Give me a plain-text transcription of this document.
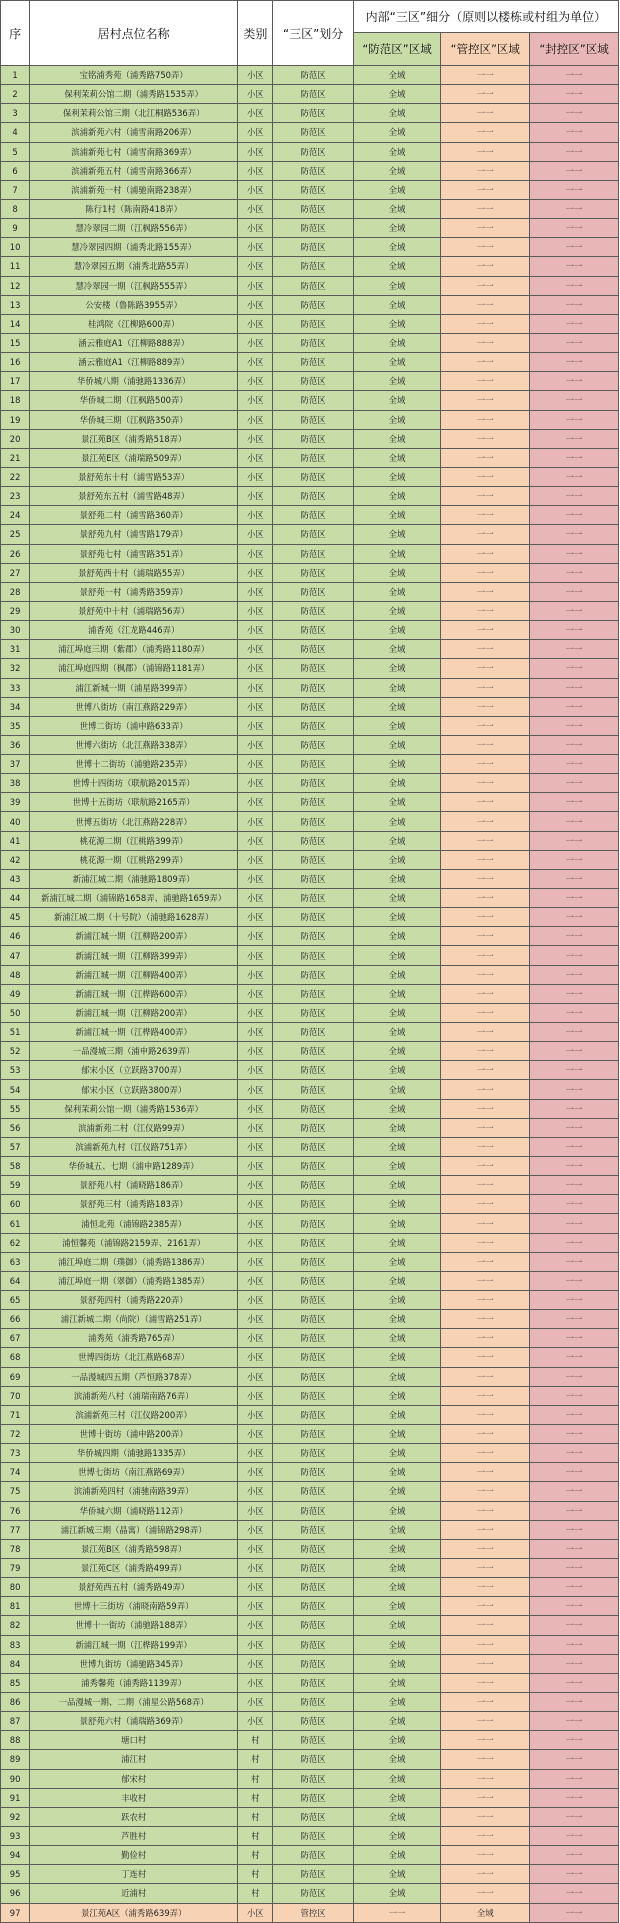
序	居村点位名称	类别	“三区”划分	内部“三区”细分（原则以楼栋或村组为单位）		
				“防范区”区域	“管控区”区域	“封控区”区域
1	宝铭浦秀苑（浦秀路750弄）	小区	防范区	全域	一一	一一
2	保利茉莉公馆二期（浦秀路1535弄）	小区	防范区	全域	一一	一一
3	保利茉莉公馆三期（北江桐路536弄）	小区	防范区	全域	一一	一一
4	滨浦新苑六村（浦雪南路206弄）	小区	防范区	全域	一一	一一
5	滨浦新苑七村（浦雪南路369弄）	小区	防范区	全域	一一	一一
6	滨浦新苑五村（浦雪南路366弄）	小区	防范区	全域	一一	一一
7	滨浦新苑一村（浦驰南路238弄）	小区	防范区	全域	一一	一一
8	陈行1村（陈南路418弄）	小区	防范区	全域	一一	一一
9	慧冷翠园二期（江枫路556弄）	小区	防范区	全域	一一	一一
10	慧冷翠园四期（浦秀北路155弄）	小区	防范区	全域	一一	一一
11	慧冷翠园五期（浦秀北路55弄）	小区	防范区	全域	一一	一一
12	慧冷翠园一期（江枫路555弄）	小区	防范区	全域	一一	一一
13	公安楼（鲁陈路3955弄）	小区	防范区	全域	一一	一一
14	桂鸿院（江柳路600弄）	小区	防范区	全域	一一	一一
15	涵云雅庭A1（江柳路888弄）	小区	防范区	全域	一一	一一
16	涵云雅庭A1（江柳路889弄）	小区	防范区	全域	一一	一一
17	华侨城八期（浦驰路1336弄）	小区	防范区	全域	一一	一一
18	华侨城二期（江枫路500弄）	小区	防范区	全域	一一	一一
19	华侨城三期（江枫路350弄）	小区	防范区	全域	一一	一一
20	景江苑B区（浦秀路518弄）	小区	防范区	全域	一一	一一
21	景江苑E区（浦瑞路509弄）	小区	防范区	全域	一一	一一
22	景舒苑东十村（浦雪路53弄）	小区	防范区	全域	一一	一一
23	景舒苑东五村（浦雪路48弄）	小区	防范区	全域	一一	一一
24	景舒苑二村（浦雪路360弄）	小区	防范区	全域	一一	一一
25	景舒苑九村（浦雪路179弄）	小区	防范区	全域	一一	一一
26	景舒苑七村（浦雪路351弄）	小区	防范区	全域	一一	一一
27	景舒苑西十村（浦瑞路55弄）	小区	防范区	全域	一一	一一
28	景舒苑一村（浦秀路359弄）	小区	防范区	全域	一一	一一
29	景舒苑中十村（浦瑞路56弄）	小区	防范区	全域	一一	一一
30	浦香苑（江龙路446弄）	小区	防范区	全域	一一	一一
31	浦江埠庭三期（紫郡）（浦秀路1180弄）	小区	防范区	全域	一一	一一
32	浦江埠庭四期（枫郡）（浦锦路1181弄）	小区	防范区	全域	一一	一一
33	浦江新城一期（浦星路399弄）	小区	防范区	全域	一一	一一
34	世博八街坊（南江燕路229弄）	小区	防范区	全域	一一	一一
35	世博二街坊（浦申路633弄）	小区	防范区	全域	一一	一一
36	世博六街坊（北江燕路338弄）	小区	防范区	全域	一一	一一
37	世博十二街坊（浦驰路235弄）	小区	防范区	全域	一一	一一
38	世博十四街坊（联航路2015弄）	小区	防范区	全域	一一	一一
39	世博十五街坊（联航路2165弄）	小区	防范区	全域	一一	一一
40	世博五街坊（北江燕路228弄）	小区	防范区	全域	一一	一一
41	桃花源二期（江桃路399弄）	小区	防范区	全域	一一	一一
42	桃花源一期（江桃路299弄）	小区	防范区	全域	一一	一一
43	新浦江城二期（浦驰路1809弄）	小区	防范区	全域	一一	一一
44	新浦江城二期（浦锦路1658弄、浦驰路1659弄）	小区	防范区	全域	一一	一一
45	新浦江城二期（十号院）（浦驰路1628弄）	小区	防范区	全域	一一	一一
46	新浦江城一期（江柳路200弄）	小区	防范区	全域	一一	一一
47	新浦江城一期（江柳路399弄）	小区	防范区	全域	一一	一一
48	新浦江城一期（江柳路400弄）	小区	防范区	全域	一一	一一
49	新浦江城一期（江桦路600弄）	小区	防范区	全域	一一	一一
50	新浦江城一期（江柳路200弄）	小区	防范区	全域	一一	一一
51	新浦江城一期（江桦路400弄）	小区	防范区	全域	一一	一一
52	一品漫城三期（浦申路2639弄）	小区	防范区	全域	一一	一一
53	郁宋小区（立跃路3700弄）	小区	防范区	全域	一一	一一
54	郁宋小区（立跃路3800弄）	小区	防范区	全域	一一	一一
55	保利茉莉公馆一期（浦秀路1536弄）	小区	防范区	全域	一一	一一
56	滨浦新苑二村（江仪路99弄）	小区	防范区	全域	一一	一一
57	滨浦新苑九村（江仪路751弄）	小区	防范区	全域	一一	一一
58	华侨城五、七期（浦申路1289弄）	小区	防范区	全域	一一	一一
59	景舒苑八村（浦晓路186弄）	小区	防范区	全域	一一	一一
60	景舒苑三村（浦秀路183弄）	小区	防范区	全域	一一	一一
61	浦恒北苑（浦锦路2385弄）	小区	防范区	全域	一一	一一
62	浦恒馨苑（浦锦路2159弄、2161弄）	小区	防范区	全域	一一	一一
63	浦江埠庭二期（璞御）（浦秀路1386弄）	小区	防范区	全域	一一	一一
64	浦江埠庭一期（翠御）（浦秀路1385弄）	小区	防范区	全域	一一	一一
65	景舒苑四村（浦秀路220弄）	小区	防范区	全域	一一	一一
66	浦江新城二期（尚院）（浦雪路251弄）	小区	防范区	全域	一一	一一
67	浦秀苑（浦秀路765弄）	小区	防范区	全域	一一	一一
68	世博四街坊（北江燕路68弄）	小区	防范区	全域	一一	一一
69	一品漫城四五期（芦恒路378弄）	小区	防范区	全域	一一	一一
70	滨浦新苑八村（浦瑞南路76弄）	小区	防范区	全域	一一	一一
71	滨浦新苑三村（江仪路200弄）	小区	防范区	全域	一一	一一
72	世博十街坊（浦申路200弄）	小区	防范区	全域	一一	一一
73	华侨城四期（浦驰路1335弄）	小区	防范区	全域	一一	一一
74	世博七街坊（南江燕路69弄）	小区	防范区	全域	一一	一一
75	滨浦新苑四村（浦驰南路39弄）	小区	防范区	全域	一一	一一
76	华侨城六期（浦晓路112弄）	小区	防范区	全域	一一	一一
77	浦江新城三期（晶寓）（浦锦路298弄）	小区	防范区	全域	一一	一一
78	景江苑B区（浦秀路598弄）	小区	防范区	全域	一一	一一
79	景江苑C区（浦秀路499弄）	小区	防范区	全域	一一	一一
80	景舒苑西五村（浦秀路49弄）	小区	防范区	全域	一一	一一
81	世博十三街坊（浦晓南路59弄）	小区	防范区	全域	一一	一一
82	世博十一街坊（浦驰路188弄）	小区	防范区	全域	一一	一一
83	新浦江城一期（江桦路199弄）	小区	防范区	全域	一一	一一
84	世博九街坊（浦驰路345弄）	小区	防范区	全域	一一	一一
85	浦秀馨苑（浦秀路1139弄）	小区	防范区	全域	一一	一一
86	一品漫城一期、二期（浦星公路568弄）	小区	防范区	全域	一一	一一
87	景舒苑六村（浦瑞路369弄）	小区	防范区	全域	一一	一一
88	塘口村	村	防范区	全域	一一	一一
89	浦江村	村	防范区	全域	一一	一一
90	郁宋村	村	防范区	全域	一一	一一
91	丰收村	村	防范区	全域	一一	一一
92	跃农村	村	防范区	全域	一一	一一
93	芦胜村	村	防范区	全域	一一	一一
94	勤俭村	村	防范区	全域	一一	一一
95	丁连村	村	防范区	全域	一一	一一
96	近浦村	村	防范区	全域	一一	一一
97	景江苑A区（浦秀路639弄）	小区	管控区	一一	全域	一一
